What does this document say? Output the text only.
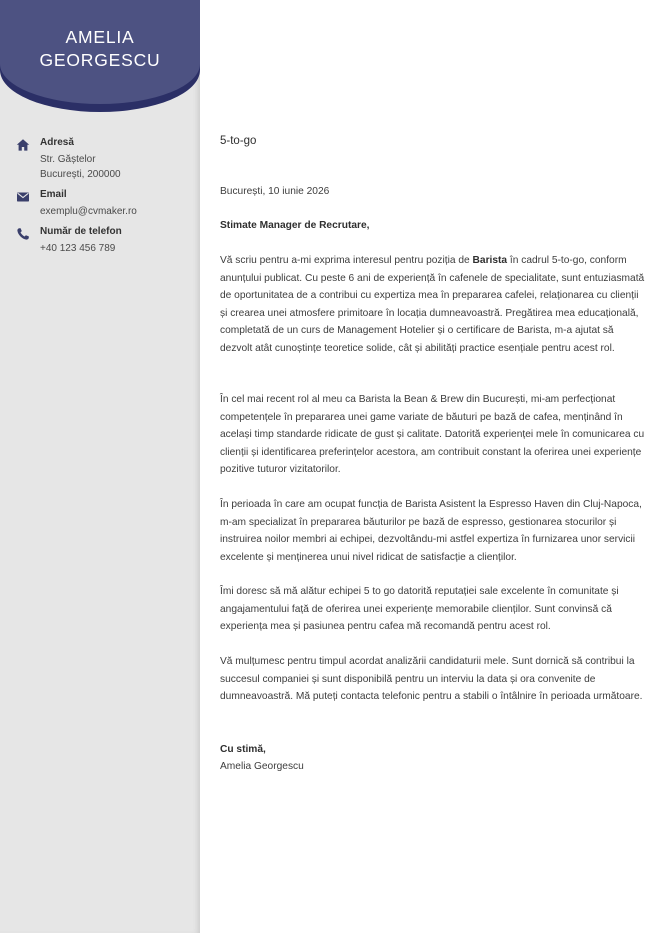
AMELIA
GEORGESCU
Adresă
Str. Găștelor
București, 200000
Email
exemplu@cvmaker.ro
Număr de telefon
+40 123 456 789
5-to-go
București, 10 iunie 2026
Stimate Manager de Recrutare,

Vă scriu pentru a-mi exprima interesul pentru poziția de Barista în cadrul 5-to-go, conform anunțului publicat. Cu peste 6 ani de experiență în cafenele de specialitate, sunt entuziasmată de oportunitatea de a contribui cu expertiza mea în prepararea cafelei, relaționarea cu clienții și crearea unei atmosfere primitoare în locația dumneavoastră. Pregătirea mea educațională, completată de un curs de Management Hotelier și o certificare de Barista, m-a ajutat să dezvolt atât cunoștințe teoretice solide, cât și abilități practice esențiale pentru acest rol.

În cel mai recent rol al meu ca Barista la Bean & Brew din București, mi-am perfecționat competențele în prepararea unei game variate de băuturi pe bază de cafea, menținând în același timp standarde ridicate de gust și calitate. Datorită experienței mele în comunicarea cu clienții și identificarea preferințelor acestora, am contribuit constant la oferirea unei experiențe pozitive tuturor vizitatorilor.

În perioada în care am ocupat funcția de Barista Asistent la Espresso Haven din Cluj-Napoca, m-am specializat în prepararea băuturilor pe bază de espresso, gestionarea stocurilor și instruirea noilor membri ai echipei, dezvoltându-mi astfel expertiza în furnizarea unor servicii excelente și menținerea unui nivel ridicat de satisfacție a clienților.

Îmi doresc să mă alătur echipei 5 to go datorită reputației sale excelente în comunitate și angajamentului față de oferirea unei experiențe memorabile clienților. Sunt convinsă că experiența mea și pasiunea pentru cafea mă recomandă pentru acest rol.

Vă mulțumesc pentru timpul acordat analizării candidaturii mele. Sunt dornică să contribui la succesul companiei și sunt disponibilă pentru un interviu la data și ora convenite de dumneavoastră. Mă puteți contacta telefonic pentru a stabili o întâlnire în perioada următoare.

Cu stimă,
Amelia Georgescu
